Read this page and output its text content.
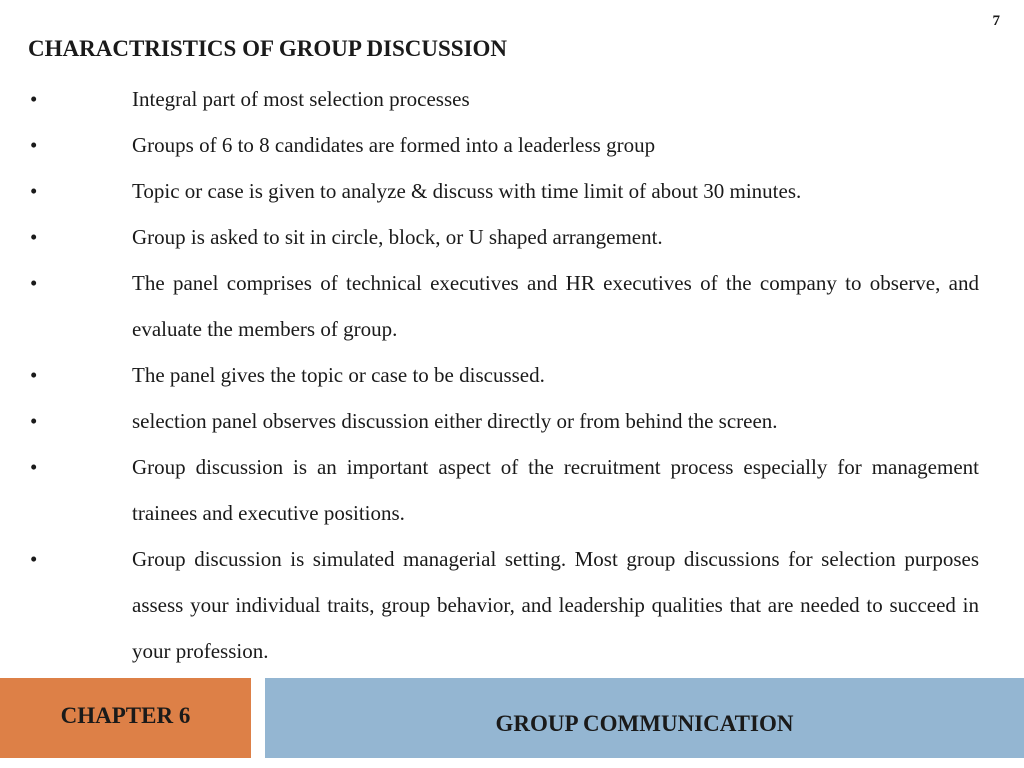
7
CHARACTRISTICS OF GROUP DISCUSSION
•	Integral part of most selection processes
•	Groups of 6 to 8 candidates are formed into a leaderless group
•	Topic or case is given to analyze & discuss with time limit of about 30 minutes.
•	Group is asked to sit in circle, block, or U shaped arrangement.
•	The panel comprises of technical executives and HR executives of the company to observe, and evaluate the members of group.
•	The panel gives the topic or case to be discussed.
•	selection panel observes discussion either directly or from behind the screen.
•	Group discussion is an important aspect of the recruitment process especially for management trainees and executive positions.
•	Group discussion is simulated managerial setting. Most group discussions for selection purposes assess your individual traits, group behavior, and leadership qualities that are needed to succeed in your profession.
CHAPTER 6	GROUP COMMUNICATION
